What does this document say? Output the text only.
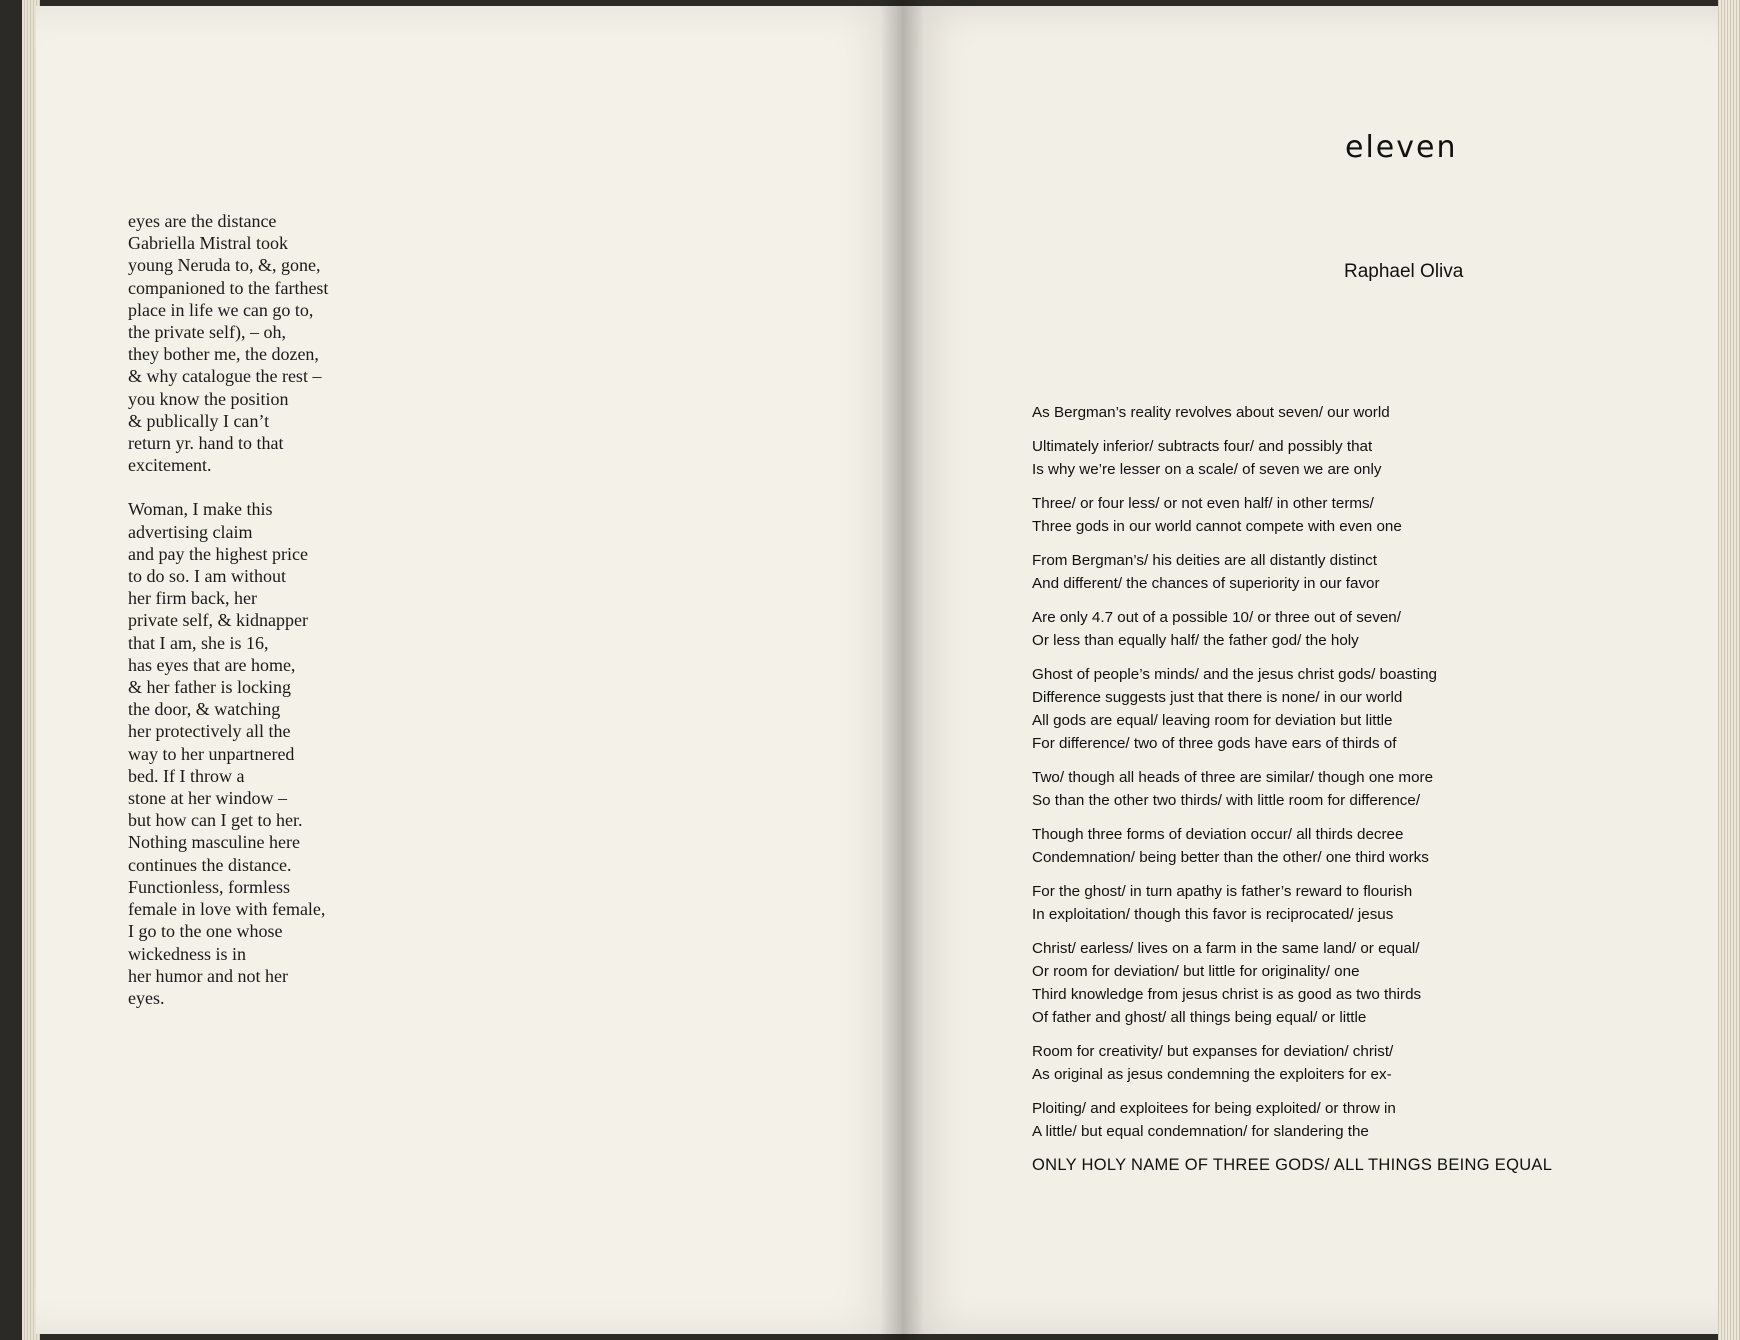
eyes are the distance
Gabriella Mistral took
young Neruda to, &, gone,
companioned to the farthest
place in life we can go to,
the private self), – oh,
they bother me, the dozen,
& why catalogue the rest –
you know the position
& publically I can’t
return yr. hand to that
excitement.
Woman, I make this
advertising claim
and pay the highest price
to do so. I am without
her firm back, her
private self, & kidnapper
that I am, she is 16,
has eyes that are home,
& her father is locking
the door, & watching
her protectively all the
way to her unpartnered
bed. If I throw a
stone at her window –
but how can I get to her.
Nothing masculine here
continues the distance.
Functionless, formless
female in love with female,
I go to the one whose
wickedness is in
her humor and not her
eyes.
eleven
Raphael Oliva
As Bergman’s reality revolves about seven/ our world
Ultimately inferior/ subtracts four/ and possibly that
Is why we’re lesser on a scale/ of seven we are only
Three/ or four less/ or not even half/ in other terms/
Three gods in our world cannot compete with even one
From Bergman’s/ his deities are all distantly distinct
And different/ the chances of superiority in our favor
Are only 4.7 out of a possible 10/ or three out of seven/
Or less than equally half/ the father god/ the holy
Ghost of people’s minds/ and the jesus christ gods/ boasting
Difference suggests just that there is none/ in our world
All gods are equal/ leaving room for deviation but little
For difference/ two of three gods have ears of thirds of
Two/ though all heads of three are similar/ though one more
So than the other two thirds/ with little room for difference/
Though three forms of deviation occur/ all thirds decree
Condemnation/ being better than the other/ one third works
For the ghost/ in turn apathy is father’s reward to flourish
In exploitation/ though this favor is reciprocated/ jesus
Christ/ earless/ lives on a farm in the same land/ or equal/
Or room for deviation/ but little for originality/ one
Third knowledge from jesus christ is as good as two thirds
Of father and ghost/ all things being equal/ or little
Room for creativity/ but expanses for deviation/ christ/
As original as jesus condemning the exploiters for ex-
Ploiting/ and exploitees for being exploited/ or throw in
A little/ but equal condemnation/ for slandering the
ONLY HOLY NAME OF THREE GODS/ ALL THINGS BEING EQUAL
